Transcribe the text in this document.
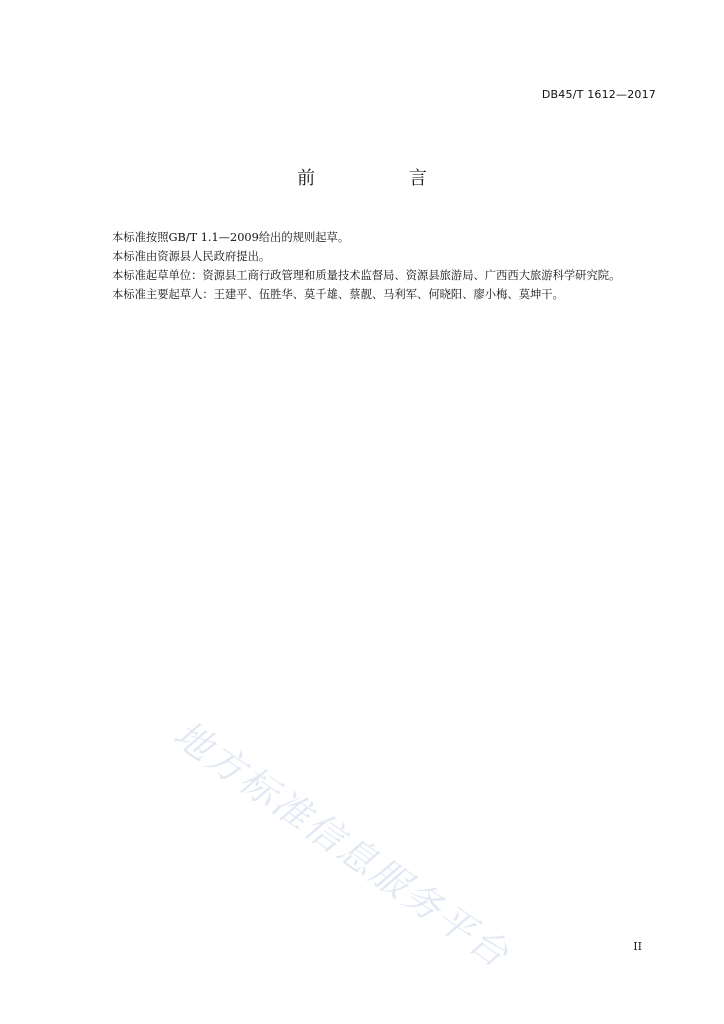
DB45/T 1612—2017
前 言

本标准按照GB/T 1.1—2009给出的规则起草。

本标准由资源县人民政府提出。

本标准起草单位：资源县工商行政管理和质量技术监督局、资源县旅游局、广西西大旅游科学研究院。

本标准主要起草人：王建平、伍胜华、莫千雄、蔡靓、马利军、何晓阳、廖小梅、莫坤干。

地方标准信息服务平台	II
